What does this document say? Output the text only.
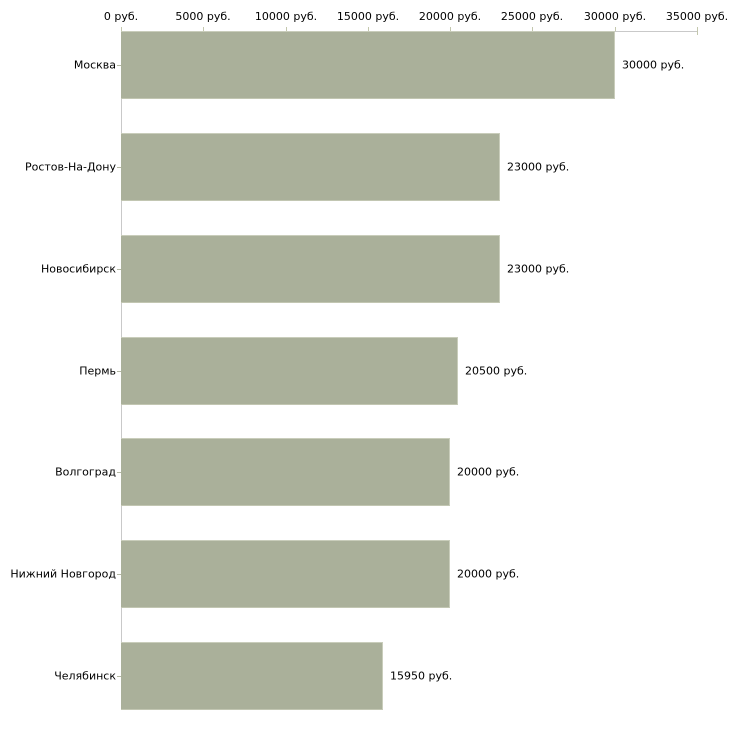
0 руб.	5000 руб. 10000 руб. 15000 руб. 20000 руб. 25000 руб. 30000 руб. 35000 руб.
Москва	30000 руб.
Ростов-На-Дону	23000 руб.
Новосибирск	23000 руб.
Пермь	20500 руб.
Волгоград	20000 руб.
Нижний Новгород	20000 руб.
Челябинск	15950 руб.
